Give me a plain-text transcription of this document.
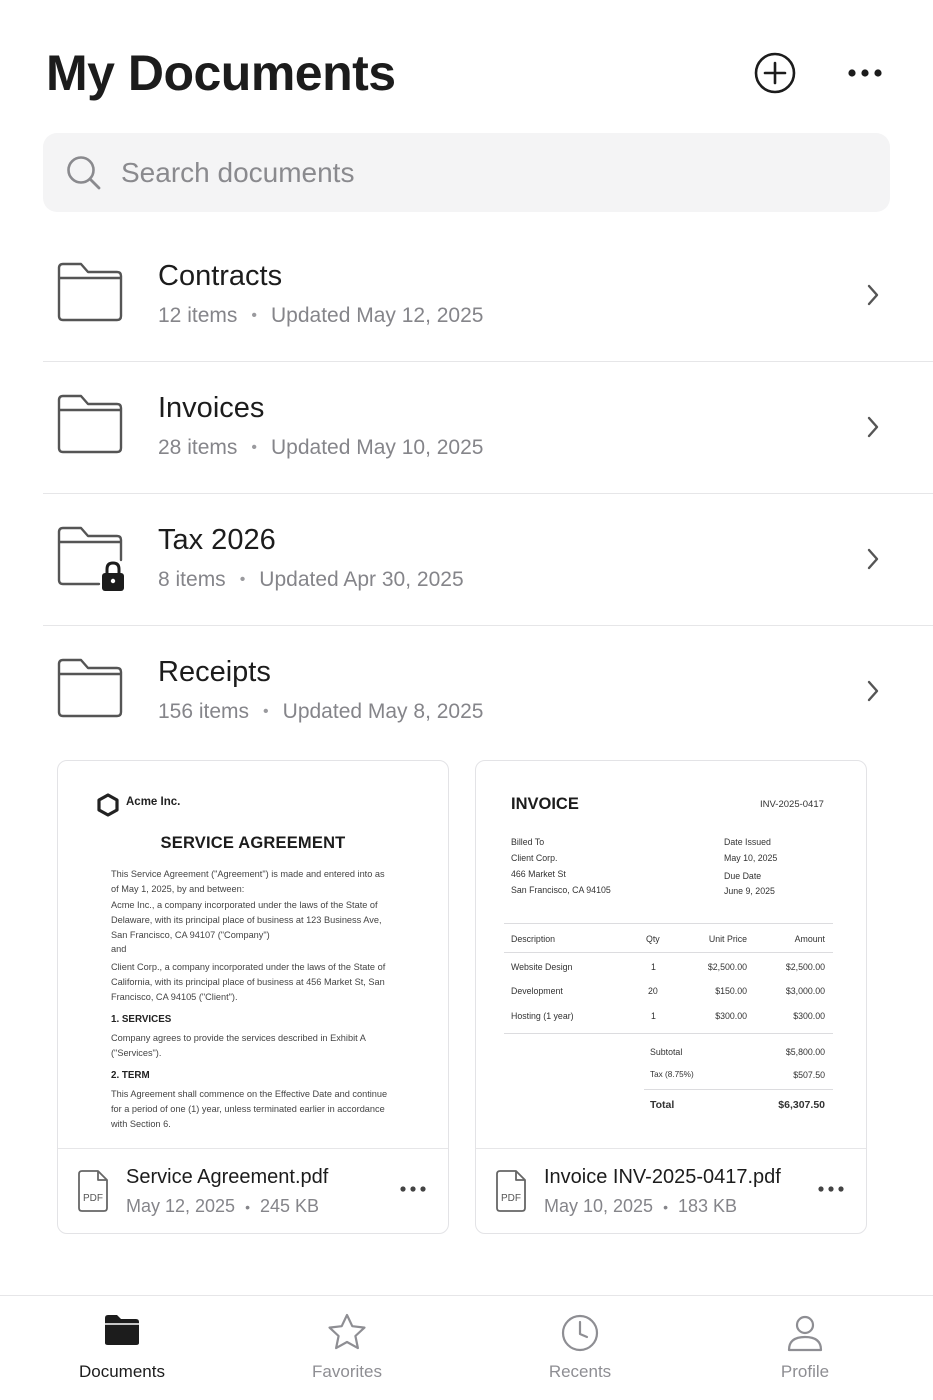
My Documents
Search documents
Contracts
12 items • Updated May 12, 2025
Invoices
28 items • Updated May 10, 2025
Tax 2026
8 items • Updated Apr 30, 2025
Receipts
156 items • Updated May 8, 2025
Acme Inc.
SERVICE AGREEMENT
This Service Agreement ("Agreement") is made and entered into as of May 1, 2025, by and between:
Acme Inc., a company incorporated under the laws of the State of Delaware, with its principal place of business at 123 Business Ave, San Francisco, CA 94107 ("Company")
and
Client Corp., a company incorporated under the laws of the State of California, with its principal place of business at 456 Market St, San Francisco, CA 94105 ("Client").
1. SERVICES
Company agrees to provide the services described in Exhibit A ("Services").
2. TERM
This Agreement shall commence on the Effective Date and continue for a period of one (1) year, unless terminated earlier in accordance with Section 6.
PDF
Service Agreement.pdf
May 12, 2025 • 245 KB
INVOICE	INV-2025-0417
Billed To
Client Corp.
466 Market St
San Francisco, CA 94105
Date Issued
May 10, 2025
Due Date
June 9, 2025
Description	Qty	Unit Price	Amount
Website Design	1	$2,500.00	$2,500.00
Development	20	$150.00	$3,000.00
Hosting (1 year)	1	$300.00	$300.00
Subtotal	$5,800.00
Tax (8.75%)	$507.50
Total	$6,307.50
PDF
Invoice INV-2025-0417.pdf
May 10, 2025 • 183 KB
Documents	Favorites	Recents	Profile
